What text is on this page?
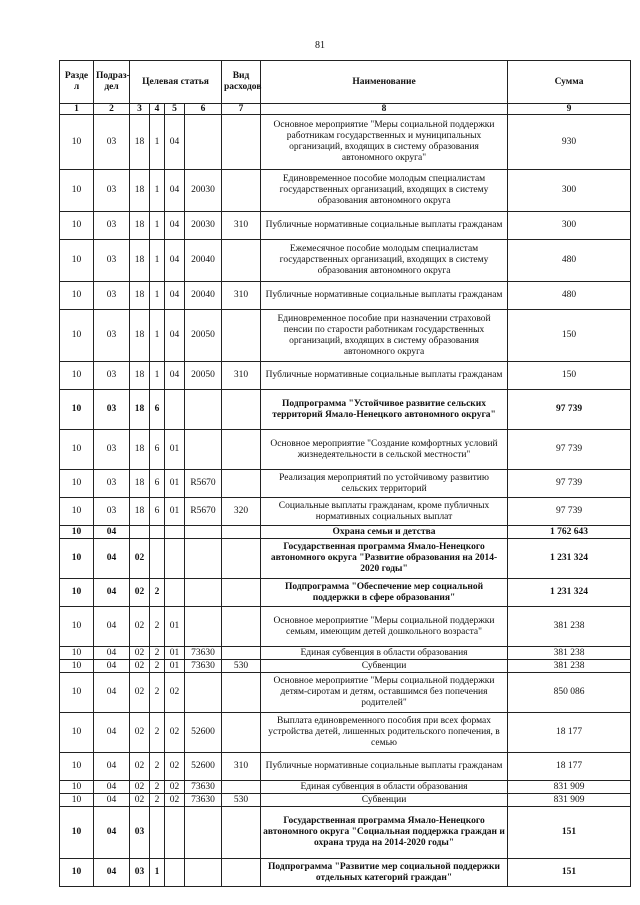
81
Разде л	Подраз-дел	Целевая статья				Вид расходов	Наименование	Сумма
1	2	3	4	5	6	7	8	9
10	03	18	1	04			Основное мероприятие "Меры социальной поддержки работникам государственных и муниципальных организаций, входящих в систему образования автономного округа"	930
10	03	18	1	04	20030		Единовременное пособие молодым специалистам государственных организаций, входящих в систему образования автономного округа	300
10	03	18	1	04	20030	310	Публичные нормативные социальные выплаты гражданам	300
10	03	18	1	04	20040		Ежемесячное пособие молодым специалистам государственных организаций, входящих в систему образования автономного округа	480
10	03	18	1	04	20040	310	Публичные нормативные социальные выплаты гражданам	480
10	03	18	1	04	20050		Единовременное пособие при назначении страховой пенсии по старости работникам государственных организаций, входящих в систему образования автономного округа	150
10	03	18	1	04	20050	310	Публичные нормативные социальные выплаты гражданам	150
10	03	18	6				Подпрограмма "Устойчивое развитие сельских территорий Ямало-Ненецкого автономного округа"	97 739
10	03	18	6	01			Основное мероприятие "Создание комфортных условий жизнедеятельности в сельской местности"	97 739
10	03	18	6	01	R5670		Реализация мероприятий по устойчивому развитию сельских территорий	97 739
10	03	18	6	01	R5670	320	Социальные выплаты гражданам, кроме публичных нормативных социальных выплат	97 739
10	04						Охрана семьи и детства	1 762 643
10	04	02					Государственная программа Ямало-Ненецкого автономного округа "Развитие образования на 2014-2020 годы"	1 231 324
10	04	02	2				Подпрограмма "Обеспечение мер социальной поддержки в сфере образования"	1 231 324
10	04	02	2	01			Основное мероприятие "Меры социальной поддержки семьям, имеющим детей дошкольного возраста"	381 238
10	04	02	2	01	73630		Единая субвенция в области образования	381 238
10	04	02	2	01	73630	530	Субвенции	381 238
10	04	02	2	02			Основное мероприятие "Меры социальной поддержки детям-сиротам и детям, оставшимся без попечения родителей"	850 086
10	04	02	2	02	52600		Выплата единовременного пособия при всех формах устройства детей, лишенных родительского попечения, в семью	18 177
10	04	02	2	02	52600	310	Публичные нормативные социальные выплаты гражданам	18 177
10	04	02	2	02	73630		Единая субвенция в области образования	831 909
10	04	02	2	02	73630	530	Субвенции	831 909
10	04	03					Государственная программа Ямало-Ненецкого автономного округа "Социальная поддержка граждан и охрана труда на 2014-2020 годы"	151
10	04	03	1				Подпрограмма "Развитие мер социальной поддержки отдельных категорий граждан"	151
